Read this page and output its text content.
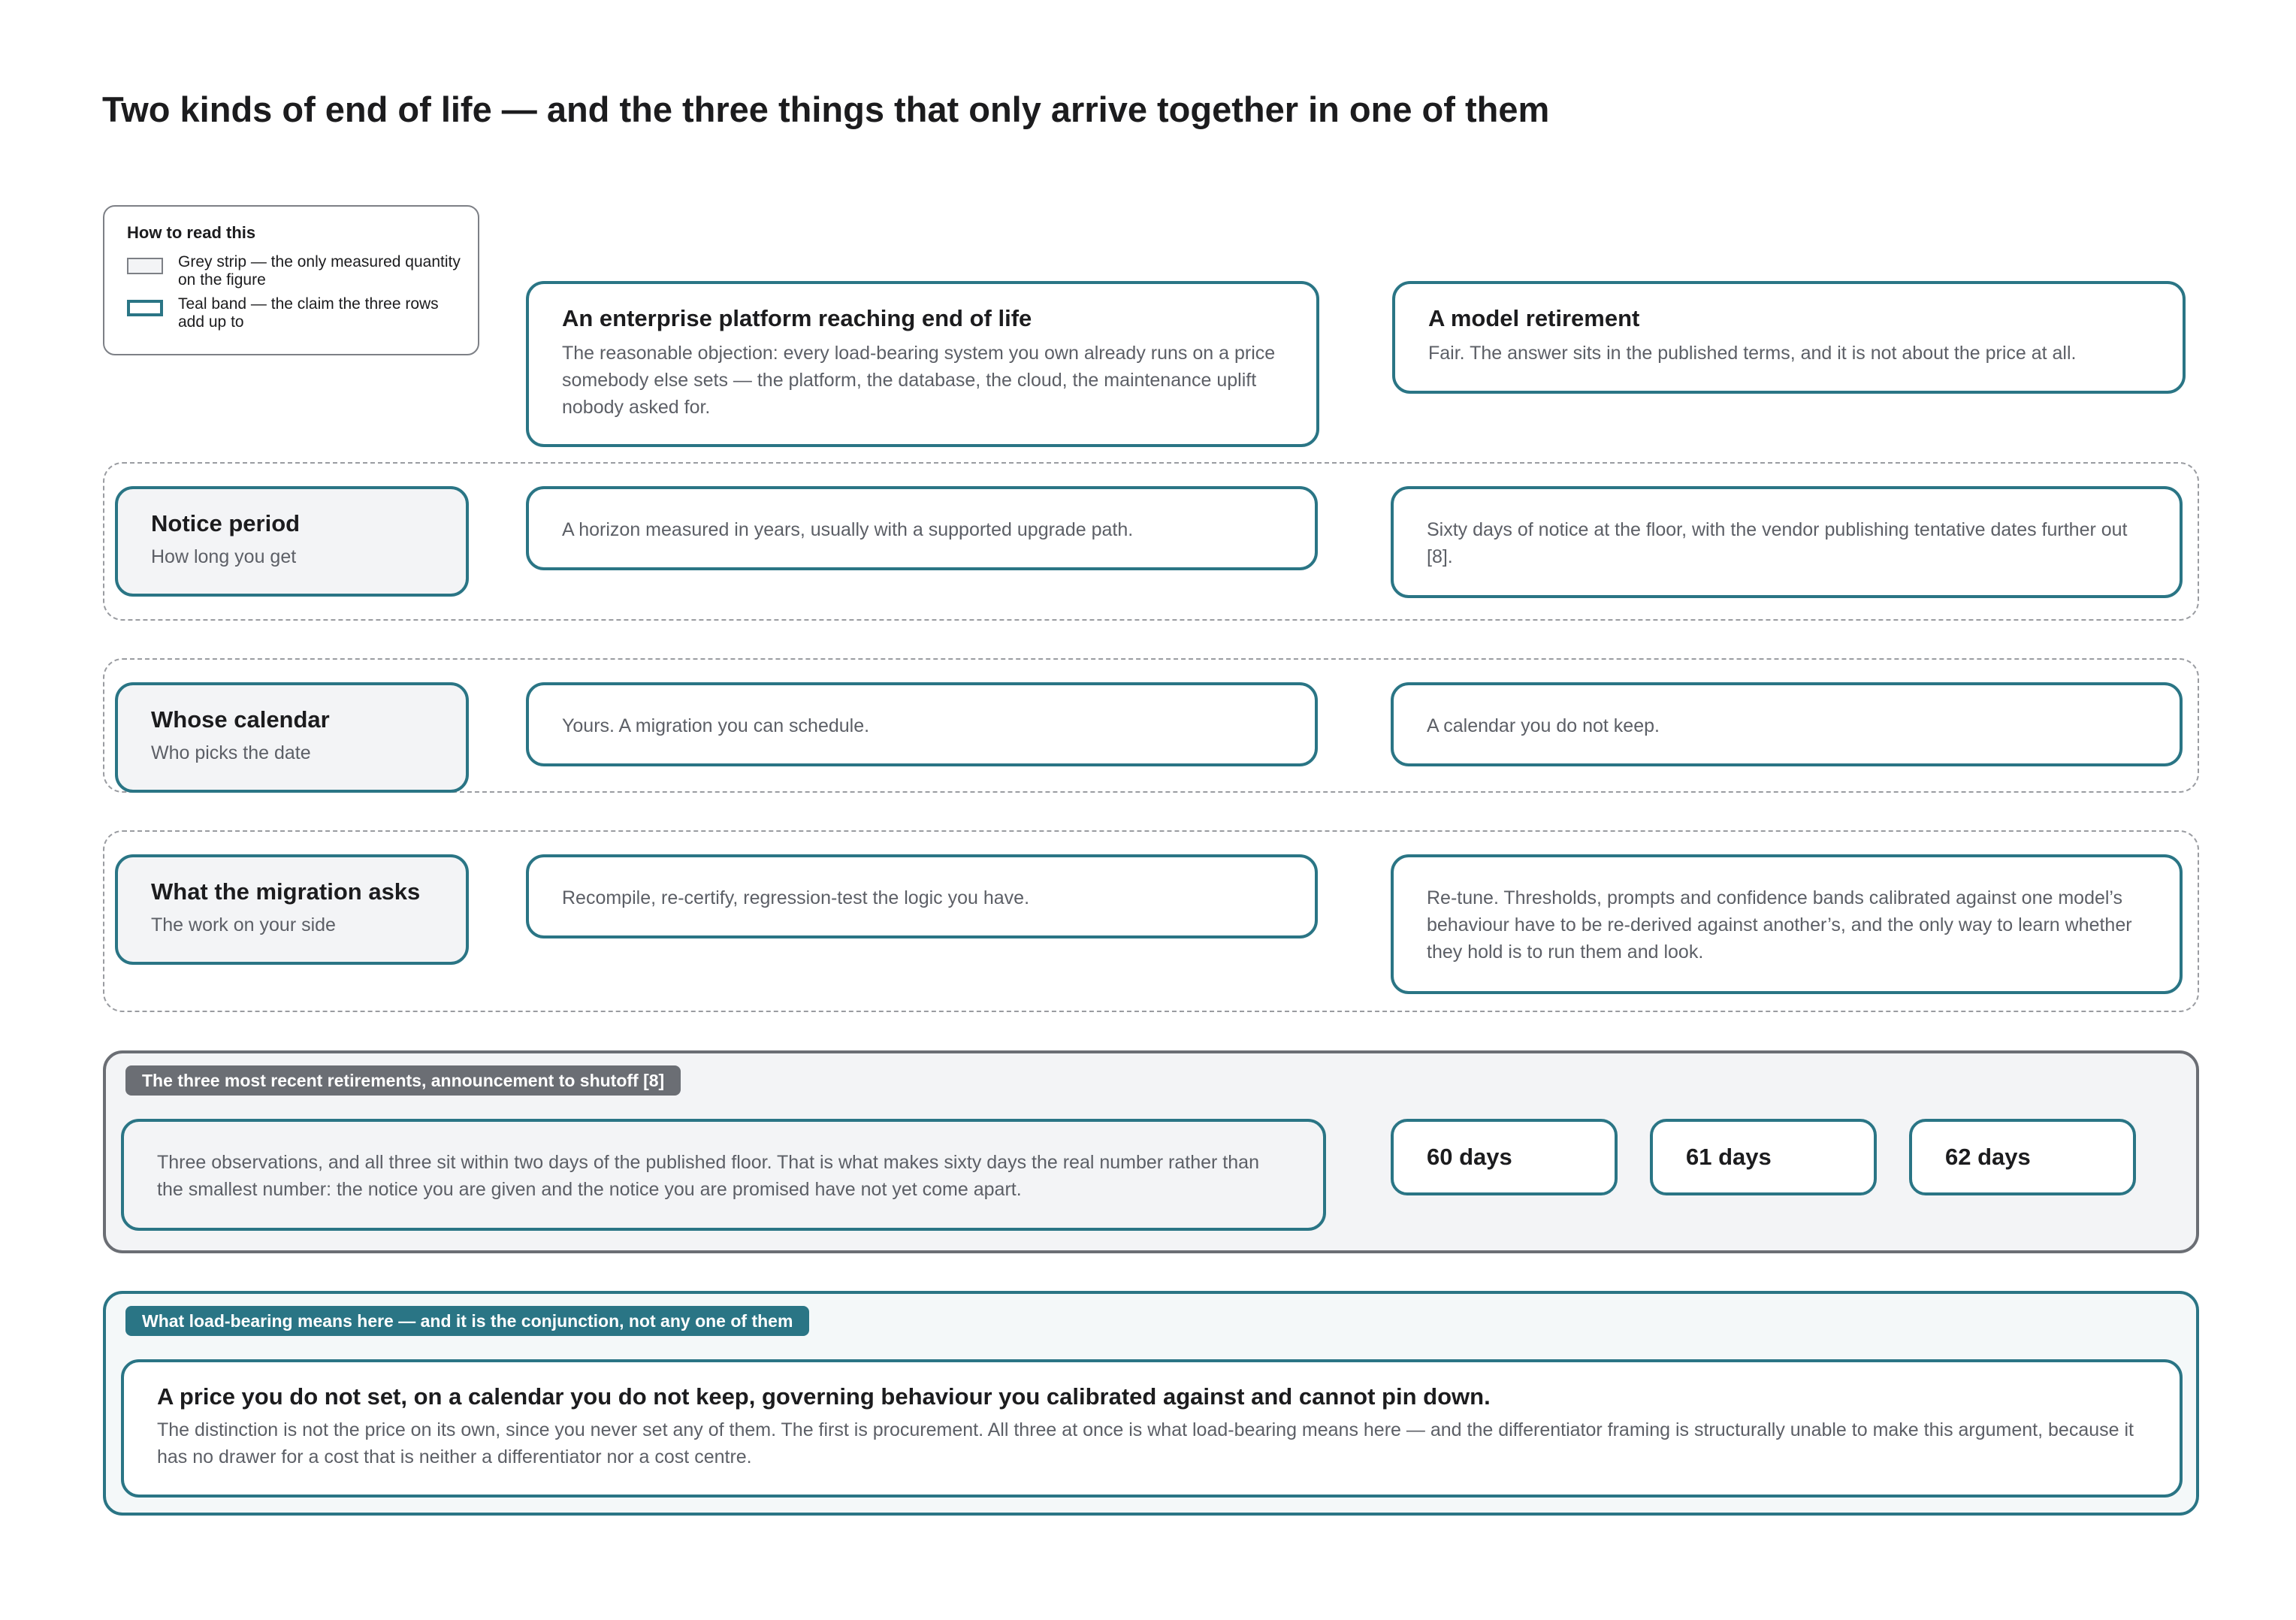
Two kinds of end of life — and the three things that only arrive together in one of them
How to read this
Grey strip — the only measured quantity on the figure
Teal band — the claim the three rows add up to	An enterprise platform reaching end of life
The reasonable objection: every load-bearing system you own already runs on a price somebody else sets — the platform, the database, the cloud, the maintenance uplift nobody asked for.
A model retirement
Fair. The answer sits in the published terms, and it is not about the price at all.
Notice period
How long you get
A horizon measured in years, usually with a supported upgrade path.	Sixty days of notice at the floor, with the vendor publishing tentative dates further out [8].
Whose calendar
Who picks the date
Yours. A migration you can schedule.	A calendar you do not keep.
What the migration asks
The work on your side
Recompile, re-certify, regression-test the logic you have.	Re-tune. Thresholds, prompts and confidence bands calibrated against one model’s behaviour have to be re-derived against another’s, and the only way to learn whether they hold is to run them and look.
The three most recent retirements, announcement to shutoff [8]
Three observations, and all three sit within two days of the published floor. That is what makes sixty days the real number rather than the smallest number: the notice you are given and the notice you are promised have not yet come apart.
60 days	61 days	62 days
What load-bearing means here — and it is the conjunction, not any one of them
A price you do not set, on a calendar you do not keep, governing behaviour you calibrated against and cannot pin down.
The distinction is not the price on its own, since you never set any of them. The first is procurement. All three at once is what load-bearing means here — and the differentiator framing is structurally unable to make this argument, because it has no drawer for a cost that is neither a differentiator nor a cost centre.
